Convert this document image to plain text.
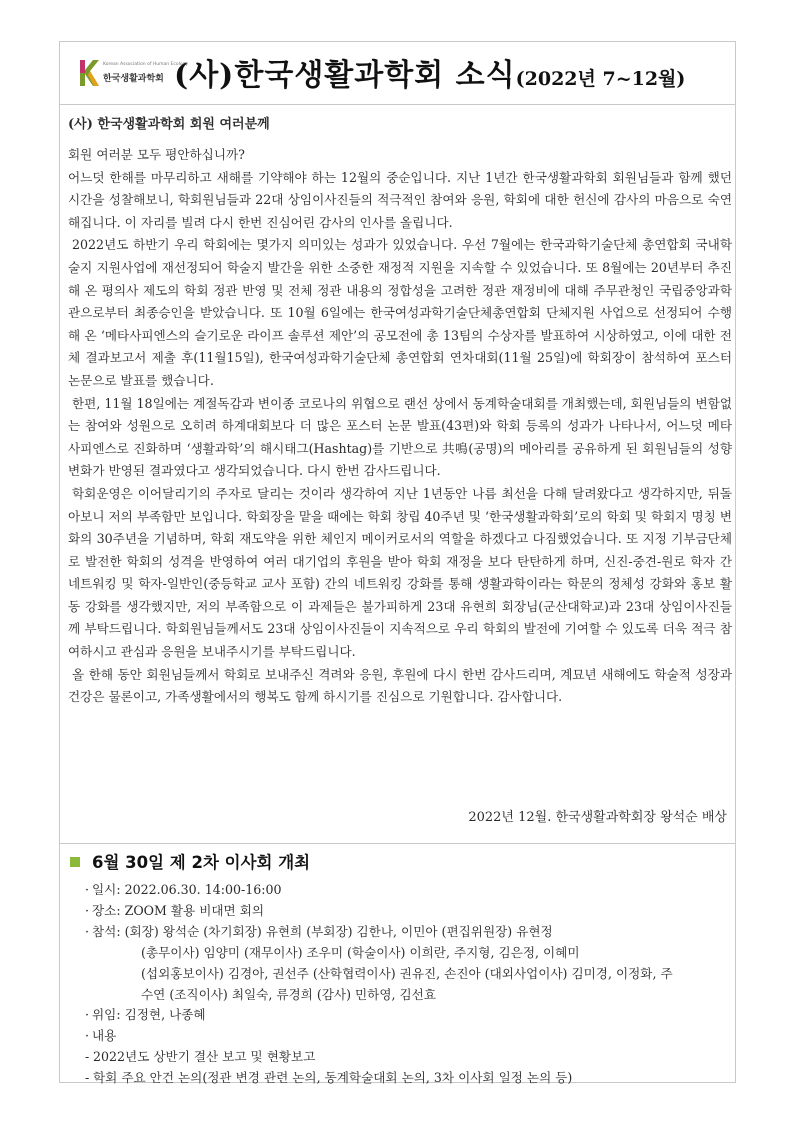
Korean Association of Human Ecology
한국생활과학회 (사)한국생활과학회 소식(2022년 7~12월)
(사) 한국생활과학회 회원 여러분께

회원 여러분 모두 평안하십니까?

어느덧 한해를 마무리하고 새해를 기약해야 하는 12월의 중순입니다. 지난 1년간 한국생활과학회 회원님들과 함께 했던 시간을 성찰해보니, 학회원님들과 22대 상임이사진들의 적극적인 참여와 응원, 학회에 대한 헌신에 감사의 마음으로 숙연해집니다. 이 자리를 빌려 다시 한번 진심어린 감사의 인사를 올립니다.

2022년도 하반기 우리 학회에는 몇가지 의미있는 성과가 있었습니다. 우선 7월에는 한국과학기술단체 총연합회 국내학술지 지원사업에 재선정되어 학술지 발간을 위한 소중한 재정적 지원을 지속할 수 있었습니다. 또 8월에는 20년부터 추진해 온 평의사 제도의 학회 정관 반영 및 전체 정관 내용의 정합성을 고려한 정관 재정비에 대해 주무관청인 국립중앙과학관으로부터 최종승인을 받았습니다. 또 10월 6일에는 한국여성과학기술단체총연합회 단체지원 사업으로 선정되어 수행해 온 ‘메타사피엔스의 슬기로운 라이프 솔루션 제안’의 공모전에 총 13팀의 수상자를 발표하여 시상하였고, 이에 대한 전체 결과보고서 제출 후(11월15일), 한국여성과학기술단체 총연합회 연차대회(11월 25일)에 학회장이 참석하여 포스터 논문으로 발표를 했습니다.

한편, 11월 18일에는 계절독감과 변이종 코로나의 위협으로 랜선 상에서 동계학술대회를 개최했는데, 회원님들의 변함없는 참여와 성원으로 오히려 하계대회보다 더 많은 포스터 논문 발표(43편)와 학회 등록의 성과가 나타나서, 어느덧 메타 사피엔스로 진화하며 ‘생활과학’의 해시태그(Hashtag)를 기반으로 共鳴(공명)의 메아리를 공유하게 된 회원님들의 성향 변화가 반영된 결과였다고 생각되었습니다. 다시 한번 감사드립니다.

학회운영은 이어달리기의 주자로 달리는 것이라 생각하여 지난 1년동안 나름 최선을 다해 달려왔다고 생각하지만, 뒤돌아보니 저의 부족함만 보입니다. 학회장을 맡을 때에는 학회 창립 40주년 및 ‘한국생활과학회’로의 학회 및 학회지 명칭 변화의 30주년을 기념하며, 학회 재도약을 위한 체인지 메이커로서의 역할을 하겠다고 다짐했었습니다. 또 지정 기부금단체로 발전한 학회의 성격을 반영하여 여러 대기업의 후원을 받아 학회 재정을 보다 탄탄하게 하며, 신진-중견-원로 학자 간 네트워킹 및 학자-일반인(중등학교 교사 포함) 간의 네트워킹 강화를 통해 생활과학이라는 학문의 정체성 강화와 홍보 활동 강화를 생각했지만, 저의 부족함으로 이 과제들은 불가피하게 23대 유현희 회장님(군산대학교)과 23대 상임이사진들께 부탁드립니다. 학회원님들께서도 23대 상임이사진들이 지속적으로 우리 학회의 발전에 기여할 수 있도록 더욱 적극 참여하시고 관심과 응원을 보내주시기를 부탁드립니다.

올 한해 동안 회원님들께서 학회로 보내주신 격려와 응원, 후원에 다시 한번 감사드리며, 계묘년 새해에도 학술적 성장과 건강은 물론이고, 가족생활에서의 행복도 함께 하시기를 진심으로 기원합니다. 감사합니다.

2022년 12월. 한국생활과학회장 왕석순 배상
6월 30일 제 2차 이사회 개최
· 일시: 2022.06.30. 14:00-16:00
· 장소: ZOOM 활용 비대면 회의
· 참석: (회장) 왕석순 (차기회장) 유현희 (부회장) 김한나, 이민아 (편집위원장) 유현정
(총무이사) 임양미 (재무이사) 조우미 (학술이사) 이희란, 주지형, 김은정, 이혜미
(섭외홍보이사) 김경아, 권선주 (산학협력이사) 권유진, 손진아 (대외사업이사) 김미경, 이정화, 주
수연 (조직이사) 최일숙, 류경희 (감사) 민하영, 김선효
· 위임: 김정현, 나종혜
· 내용
- 2022년도 상반기 결산 보고 및 현황보고
- 학회 주요 안건 논의(정관 변경 관련 논의, 동계학술대회 논의, 3차 이사회 일정 논의 등)
